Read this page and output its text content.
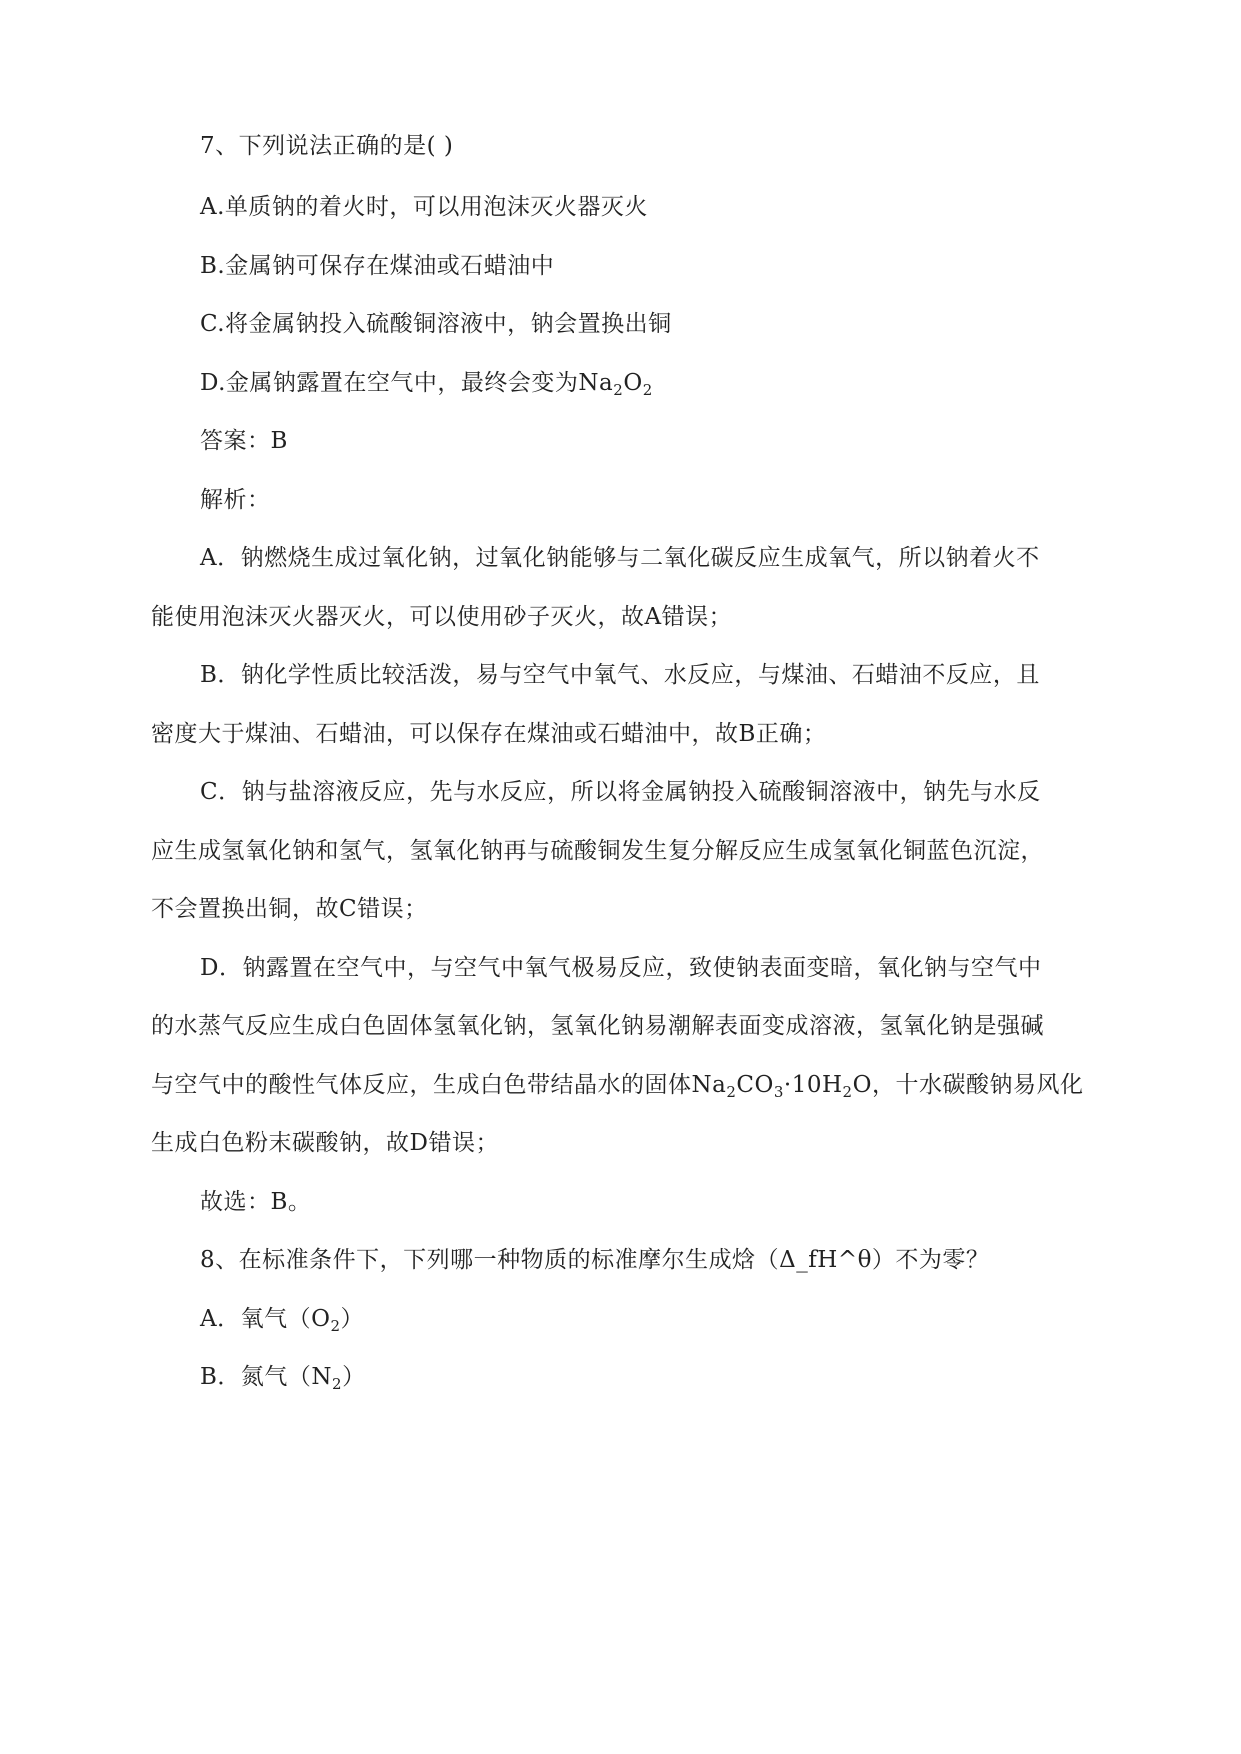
7、下列说法正确的是( )
A.单质钠的着火时，可以用泡沫灭火器灭火
B.金属钠可保存在煤油或石蜡油中
C.将金属钠投入硫酸铜溶液中，钠会置换出铜
D.金属钠露置在空气中，最终会变为$Na_2O_2$
答案：B
解析：
A．钠燃烧生成过氧化钠，过氧化钠能够与二氧化碳反应生成氧气，所以钠着火不
能使用泡沫灭火器灭火，可以使用砂子灭火，故A错误；
B．钠化学性质比较活泼，易与空气中氧气、水反应，与煤油、石蜡油不反应，且
密度大于煤油、石蜡油，可以保存在煤油或石蜡油中，故B正确；
C．钠与盐溶液反应，先与水反应，所以将金属钠投入硫酸铜溶液中，钠先与水反
应生成氢氧化钠和氢气，氢氧化钠再与硫酸铜发生复分解反应生成氢氧化铜蓝色沉淀，
不会置换出铜，故C错误；
D．钠露置在空气中，与空气中氧气极易反应，致使钠表面变暗，氧化钠与空气中
的水蒸气反应生成白色固体氢氧化钠，氢氧化钠易潮解表面变成溶液，氢氧化钠是强碱
与空气中的酸性气体反应，生成白色带结晶水的固体$Na_2CO_3\cdot 10H_2O$，十水碳酸钠易风化
生成白色粉末碳酸钠，故D错误；
故选：B。
8、在标准条件下，下列哪一种物质的标准摩尔生成焓（Δ_fH^θ）不为零？
A．氧气$(O_2)$
B．氮气$(N_2)$
